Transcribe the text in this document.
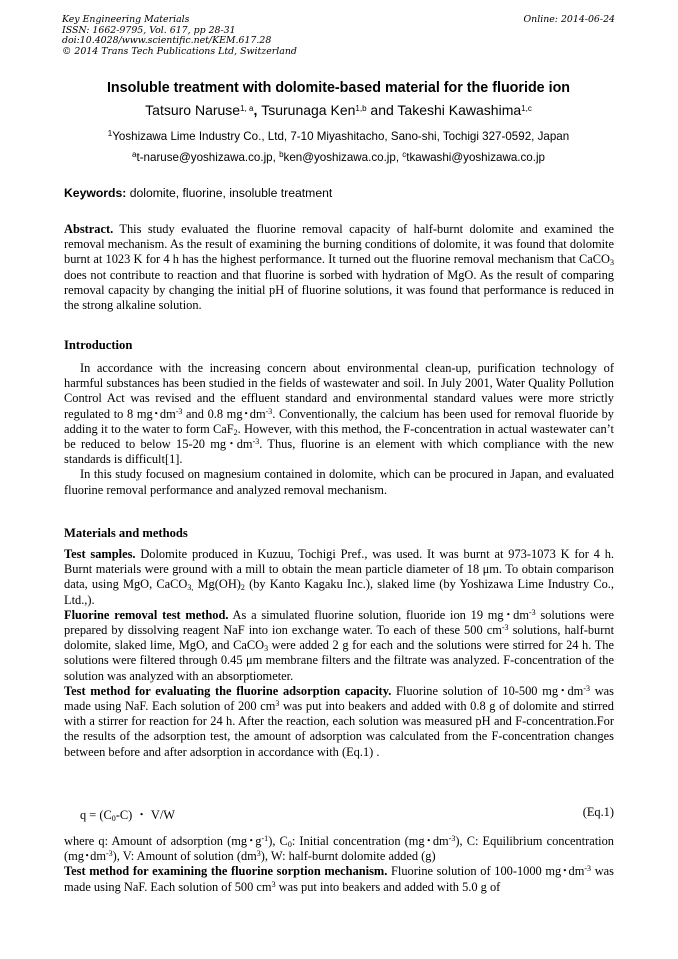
Key Engineering Materials
ISSN: 1662-9795, Vol. 617, pp 28-31
doi:10.4028/www.scientific.net/KEM.617.28
© 2014 Trans Tech Publications Ltd, Switzerland
Online: 2014-06-24
Insoluble treatment with dolomite-based material for the fluoride ion
Tatsuro Naruse$^{1, a}$, Tsurunaga Ken$^{1,b}$ and Takeshi Kawashima$^{1,c}$
$^1$Yoshizawa Lime Industry Co., Ltd, 7-10 Miyashitacho, Sano-shi, Tochigi 327-0592, Japan
$^a$t-naruse@yoshizawa.co.jp, $^b$ken@yoshizawa.co.jp, $^c$tkawashi@yoshizawa.co.jp
Keywords: dolomite, fluorine, insoluble treatment

Abstract. This study evaluated the fluorine removal capacity of half-burnt dolomite and examined the removal mechanism. As the result of examining the burning conditions of dolomite, it was found that dolomite burnt at 1023 K for 4 h has the highest performance. It turned out the fluorine removal mechanism that CaCO$_3$ does not contribute to reaction and that fluorine is sorbed with hydration of MgO. As the result of comparing removal capacity by changing the initial pH of fluorine solutions, it was found that performance is reduced in the strong alkaline solution.

Introduction

In accordance with the increasing concern about environmental clean-up, purification technology of harmful substances has been studied in the fields of wastewater and soil. In July 2001, Water Quality Pollution Control Act was revised and the effluent standard and environmental standard values were more strictly regulated to 8 mg･$dm^{-3}$ and 0.8 mg･$dm^{-3}$. Conventionally, the calcium has been used for removal fluoride by adding it to the water to form CaF$_2$. However, with this method, the F-concentration in actual wastewater can’t be reduced to below 15-20 mg･$dm^{-3}$. Thus, fluorine is an element with which compliance with the new standards is difficult[1].

In this study focused on magnesium contained in dolomite, which can be procured in Japan, and evaluated fluorine removal performance and analyzed removal mechanism.

Materials and methods

Test samples. Dolomite produced in Kuzuu, Tochigi Pref., was used. It was burnt at 973-1073 K for 4 h. Burnt materials were ground with a mill to obtain the mean particle diameter of 18 μm. To obtain comparison data, using MgO, CaCO$_{3,}$ $Mg(OH)_2$ (by Kanto Kagaku Inc.), slaked lime (by Yoshizawa Lime Industry Co., Ltd.,).

Fluorine removal test method. As a simulated fluorine solution, fluoride ion 19 mg･$dm^{-3}$ solutions were prepared by dissolving reagent NaF into ion exchange water. To each of these 500 $cm^{-3}$ solutions, half-burnt dolomite, slaked lime, MgO, and CaCO$_3$ were added 2 g for each and the solutions were stirred for 24 h. The solutions were filtered through 0.45 μm membrane filters and the filtrate was analyzed. F-concentration of the solution was analyzed with an absorptiometer.

Test method for evaluating the fluorine adsorption capacity. Fluorine solution of 10-500 mg･$dm^{-3}$ was made using NaF. Each solution of 200 $cm^3$ was put into beakers and added with 0.8 g of dolomite and stirred with a stirrer for reaction for 24 h. After the reaction, each solution was measured pH and F-concentration.For the results of the adsorption test, the amount of adsorption was calculated from the F-concentration changes between before and after adsorption in accordance with (Eq.1) .

$q = (C_0-C)$ ・ V/W	(Eq.1)

where q: Amount of adsorption (mg･$g^{-1}$), $C_0$: Initial concentration (mg･$dm^{-3}$), C: Equilibrium concentration (mg･$dm^{-3}$), V: Amount of solution $(dm^3)$, W: half-burnt dolomite added (g)

Test method for examining the fluorine sorption mechanism. Fluorine solution of 100-1000 mg･$dm^{-3}$ was made using NaF. Each solution of 500 $cm^3$ was put into beakers and added with 5.0 g of
